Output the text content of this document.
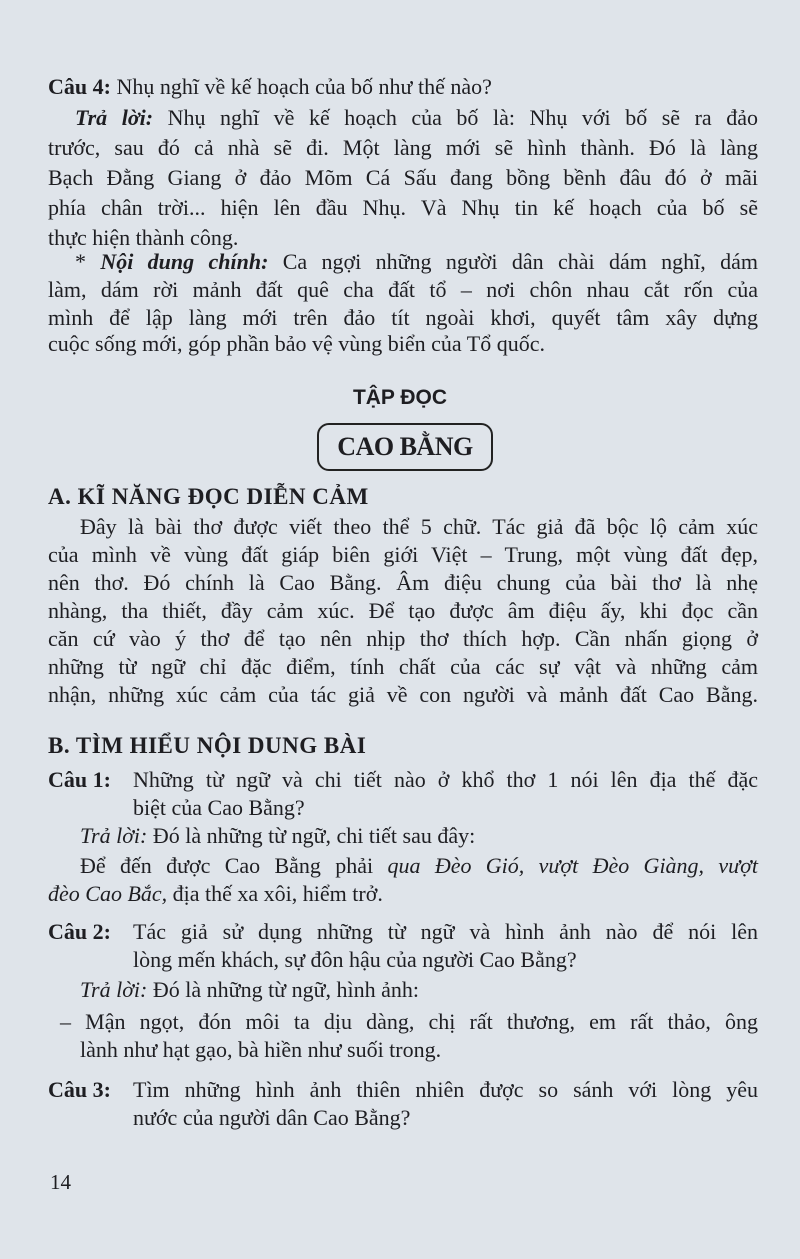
Câu 4: Nhụ nghĩ về kế hoạch của bố như thế nào?
Trả lời: Nhụ nghĩ về kế hoạch của bố là: Nhụ với bố sẽ ra đảo
trước, sau đó cả nhà sẽ đi. Một làng mới sẽ hình thành. Đó là làng
Bạch Đằng Giang ở đảo Mõm Cá Sấu đang bồng bềnh đâu đó ở mãi
phía chân trời... hiện lên đầu Nhụ. Và Nhụ tin kế hoạch của bố sẽ
thực hiện thành công.
* Nội dung chính: Ca ngợi những người dân chài dám nghĩ, dám
làm, dám rời mảnh đất quê cha đất tổ – nơi chôn nhau cắt rốn của
mình để lập làng mới trên đảo tít ngoài khơi, quyết tâm xây dựng
cuộc sống mới, góp phần bảo vệ vùng biển của Tổ quốc.
TẬP ĐỌC
CAO BẰNG
A. KĨ NĂNG ĐỌC DIỄN CẢM
Đây là bài thơ được viết theo thể 5 chữ. Tác giả đã bộc lộ cảm xúc
của mình về vùng đất giáp biên giới Việt – Trung, một vùng đất đẹp,
nên thơ. Đó chính là Cao Bằng. Âm điệu chung của bài thơ là nhẹ
nhàng, tha thiết, đầy cảm xúc. Để tạo được âm điệu ấy, khi đọc cần
căn cứ vào ý thơ để tạo nên nhịp thơ thích hợp. Cần nhấn giọng ở
những từ ngữ chỉ đặc điểm, tính chất của các sự vật và những cảm
nhận, những xúc cảm của tác giả về con người và mảnh đất Cao Bằng.
B. TÌM HIỂU NỘI DUNG BÀI
Câu 1:	Những từ ngữ và chi tiết nào ở khổ thơ 1 nói lên địa thế đặc
biệt của Cao Bằng?
Trả lời: Đó là những từ ngữ, chi tiết sau đây:
Để đến được Cao Bằng phải qua Đèo Gió, vượt Đèo Giàng, vượt
đèo Cao Bắc, địa thế xa xôi, hiểm trở.
Câu 2:	Tác giả sử dụng những từ ngữ và hình ảnh nào để nói lên
lòng mến khách, sự đôn hậu của người Cao Bằng?
Trả lời: Đó là những từ ngữ, hình ảnh:
– Mận ngọt, đón môi ta dịu dàng, chị rất thương, em rất thảo, ông
lành như hạt gạo, bà hiền như suối trong.
Câu 3:	Tìm những hình ảnh thiên nhiên được so sánh với lòng yêu
nước của người dân Cao Bằng?
14
